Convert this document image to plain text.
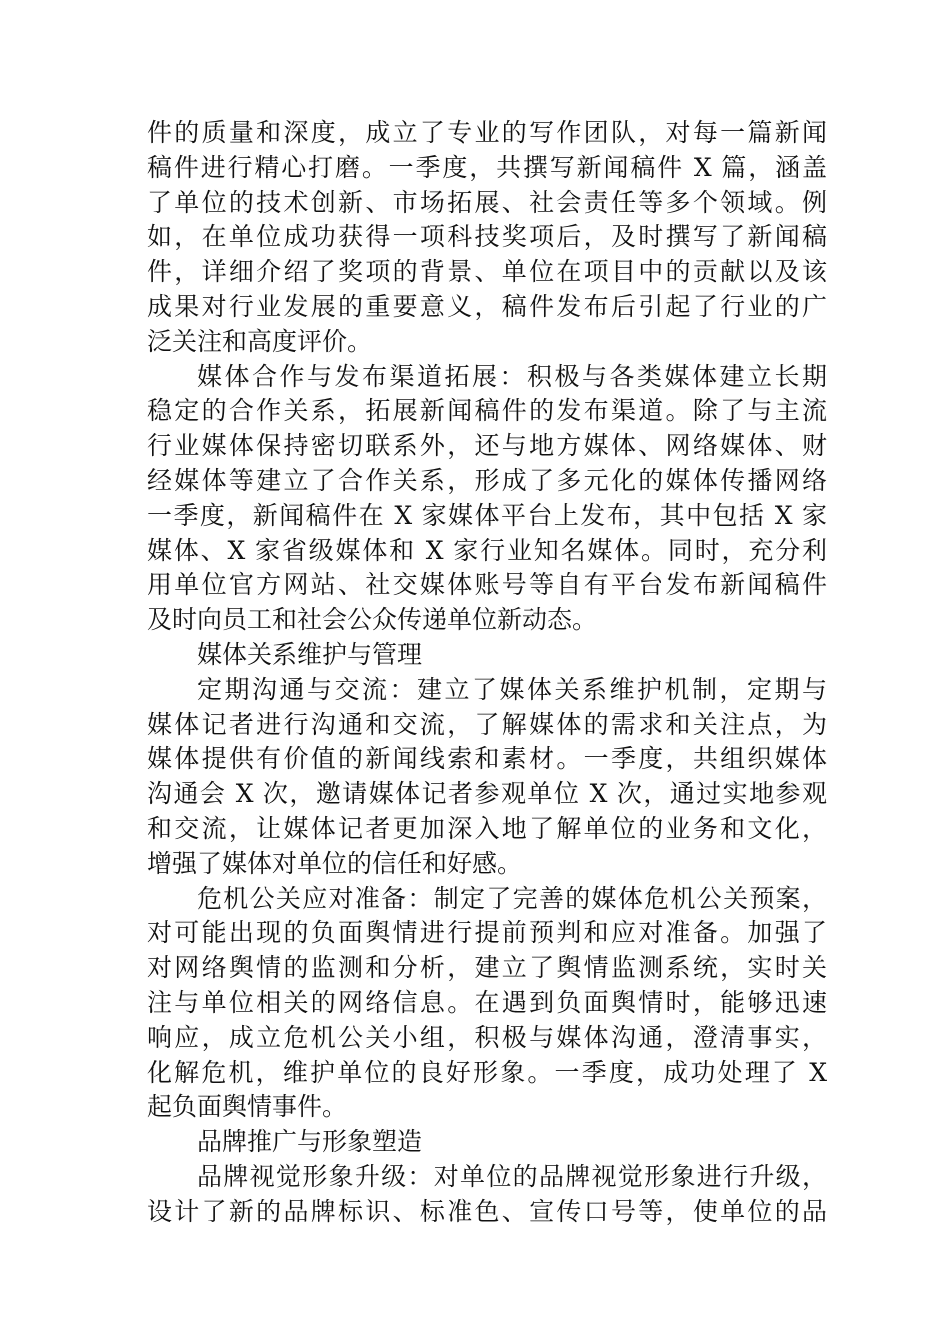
件的质量和深度，成立了专业的写作团队，对每一篇新闻
稿件进行精心打磨。一季度，共撰写新闻稿件 X 篇，涵盖
了单位的技术创新、市场拓展、社会责任等多个领域。例
如，在单位成功获得一项科技奖项后，及时撰写了新闻稿
件，详细介绍了奖项的背景、单位在项目中的贡献以及该
成果对行业发展的重要意义，稿件发布后引起了行业的广
泛关注和高度评价。
媒体合作与发布渠道拓展：积极与各类媒体建立长期
稳定的合作关系，拓展新闻稿件的发布渠道。除了与主流
行业媒体保持密切联系外，还与地方媒体、网络媒体、财
经媒体等建立了合作关系，形成了多元化的媒体传播网络
一季度，新闻稿件在 X 家媒体平台上发布，其中包括 X 家
媒体、X 家省级媒体和 X 家行业知名媒体。同时，充分利
用单位官方网站、社交媒体账号等自有平台发布新闻稿件
及时向员工和社会公众传递单位新动态。
媒体关系维护与管理
定期沟通与交流：建立了媒体关系维护机制，定期与
媒体记者进行沟通和交流，了解媒体的需求和关注点，为
媒体提供有价值的新闻线索和素材。一季度，共组织媒体
沟通会 X 次，邀请媒体记者参观单位 X 次，通过实地参观
和交流，让媒体记者更加深入地了解单位的业务和文化，
增强了媒体对单位的信任和好感。
危机公关应对准备：制定了完善的媒体危机公关预案，
对可能出现的负面舆情进行提前预判和应对准备。加强了
对网络舆情的监测和分析，建立了舆情监测系统，实时关
注与单位相关的网络信息。在遇到负面舆情时，能够迅速
响应，成立危机公关小组，积极与媒体沟通，澄清事实，
化解危机，维护单位的良好形象。一季度，成功处理了 X
起负面舆情事件。
品牌推广与形象塑造
品牌视觉形象升级：对单位的品牌视觉形象进行升级，
设计了新的品牌标识、标准色、宣传口号等，使单位的品
